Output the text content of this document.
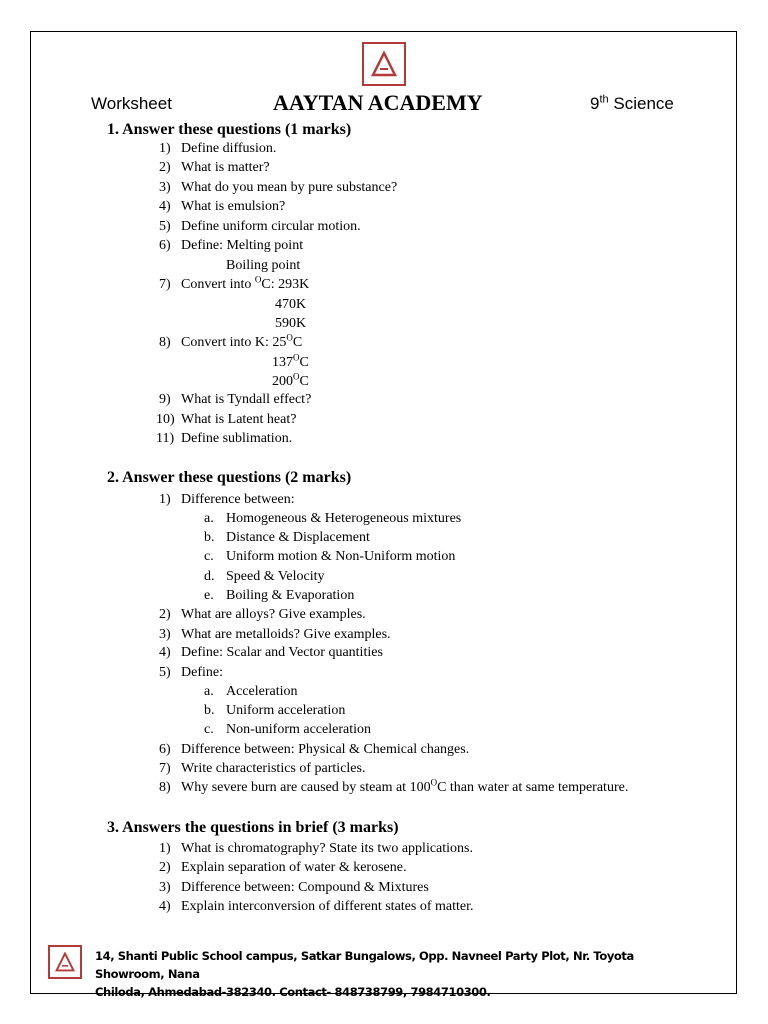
Worksheet	AAYTAN ACADEMY	9th Science
1. Answer these questions (1 marks)
1) Define diffusion.
2) What is matter?
3) What do you mean by pure substance?
4) What is emulsion?
5) Define uniform circular motion.
6) Define: Melting point
Boiling point
7) Convert into $^O$C: 293K
470K
590K
8) Convert into K: $25^OC$
$137^OC$
$200^OC$
9) What is Tyndall effect?
10) What is Latent heat?
11) Define sublimation.
2. Answer these questions (2 marks)
1) Difference between:
a. Homogeneous & Heterogeneous mixtures
b. Distance & Displacement
c. Uniform motion & Non-Uniform motion
d. Speed & Velocity
e. Boiling & Evaporation
2) What are alloys? Give examples.
3) What are metalloids? Give examples.
4) Define: Scalar and Vector quantities
5) Define:
a. Acceleration
b. Uniform acceleration
c. Non-uniform acceleration
6) Difference between: Physical & Chemical changes.
7) Write characteristics of particles.
8) Why severe burn are caused by steam at $100^OC$ than water at same temperature.
3. Answers the questions in brief (3 marks)
1) What is chromatography? State its two applications.
2) Explain separation of water & kerosene.
3) Difference between: Compound & Mixtures
4) Explain interconversion of different states of matter.
14, Shanti Public School campus, Satkar Bungalows, Opp. Navneel Party Plot, Nr. Toyota Showroom, Nana
Chiloda, Ahmedabad-382340. Contact- 848738799, 7984710300.
